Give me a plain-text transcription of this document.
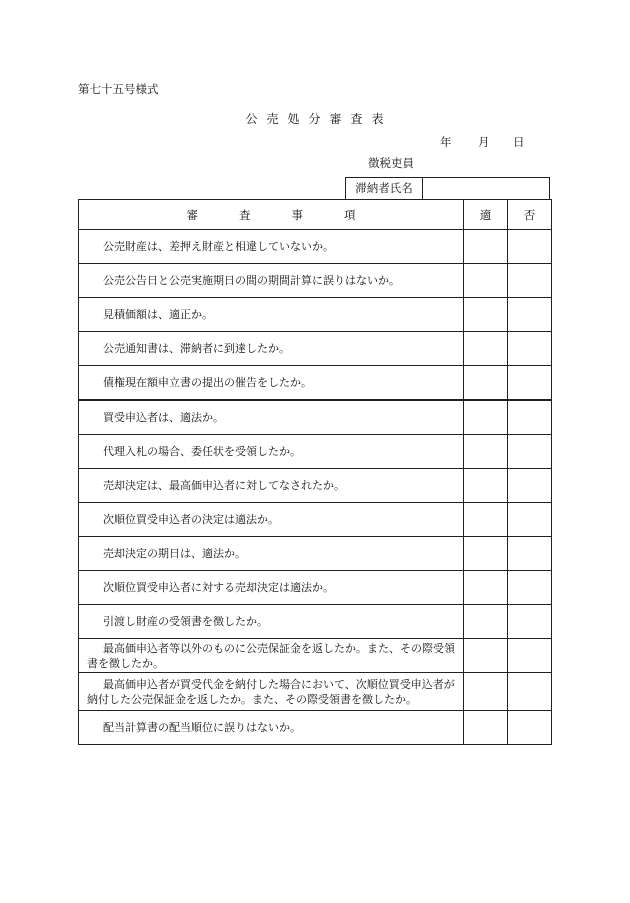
第七十五号様式
公売処分審査表
年 月 日
徴税吏員
滞納者氏名
審査事項	適	否

公売財産は、差押え財産と相違していないか。		

公売公告日と公売実施期日の間の期間計算に誤りはないか。		

見積価額は、適正か。		

公売通知書は、滞納者に到達したか。		

債権現在額申立書の提出の催告をしたか。		

買受申込者は、適法か。		

代理入札の場合、委任状を受領したか。		

売却決定は、最高価申込者に対してなされたか。		

次順位買受申込者の決定は適法か。		

売却決定の期日は、適法か。		

次順位買受申込者に対する売却決定は適法か。		

引渡し財産の受領書を徴したか。		

最高価申込者等以外のものに公売保証金を返したか。また、その際受領書を徴したか。		

最高価申込者が買受代金を納付した場合において、次順位買受申込者が納付した公売保証金を返したか。また、その際受領書を徴したか。		

配当計算書の配当順位に誤りはないか。		
